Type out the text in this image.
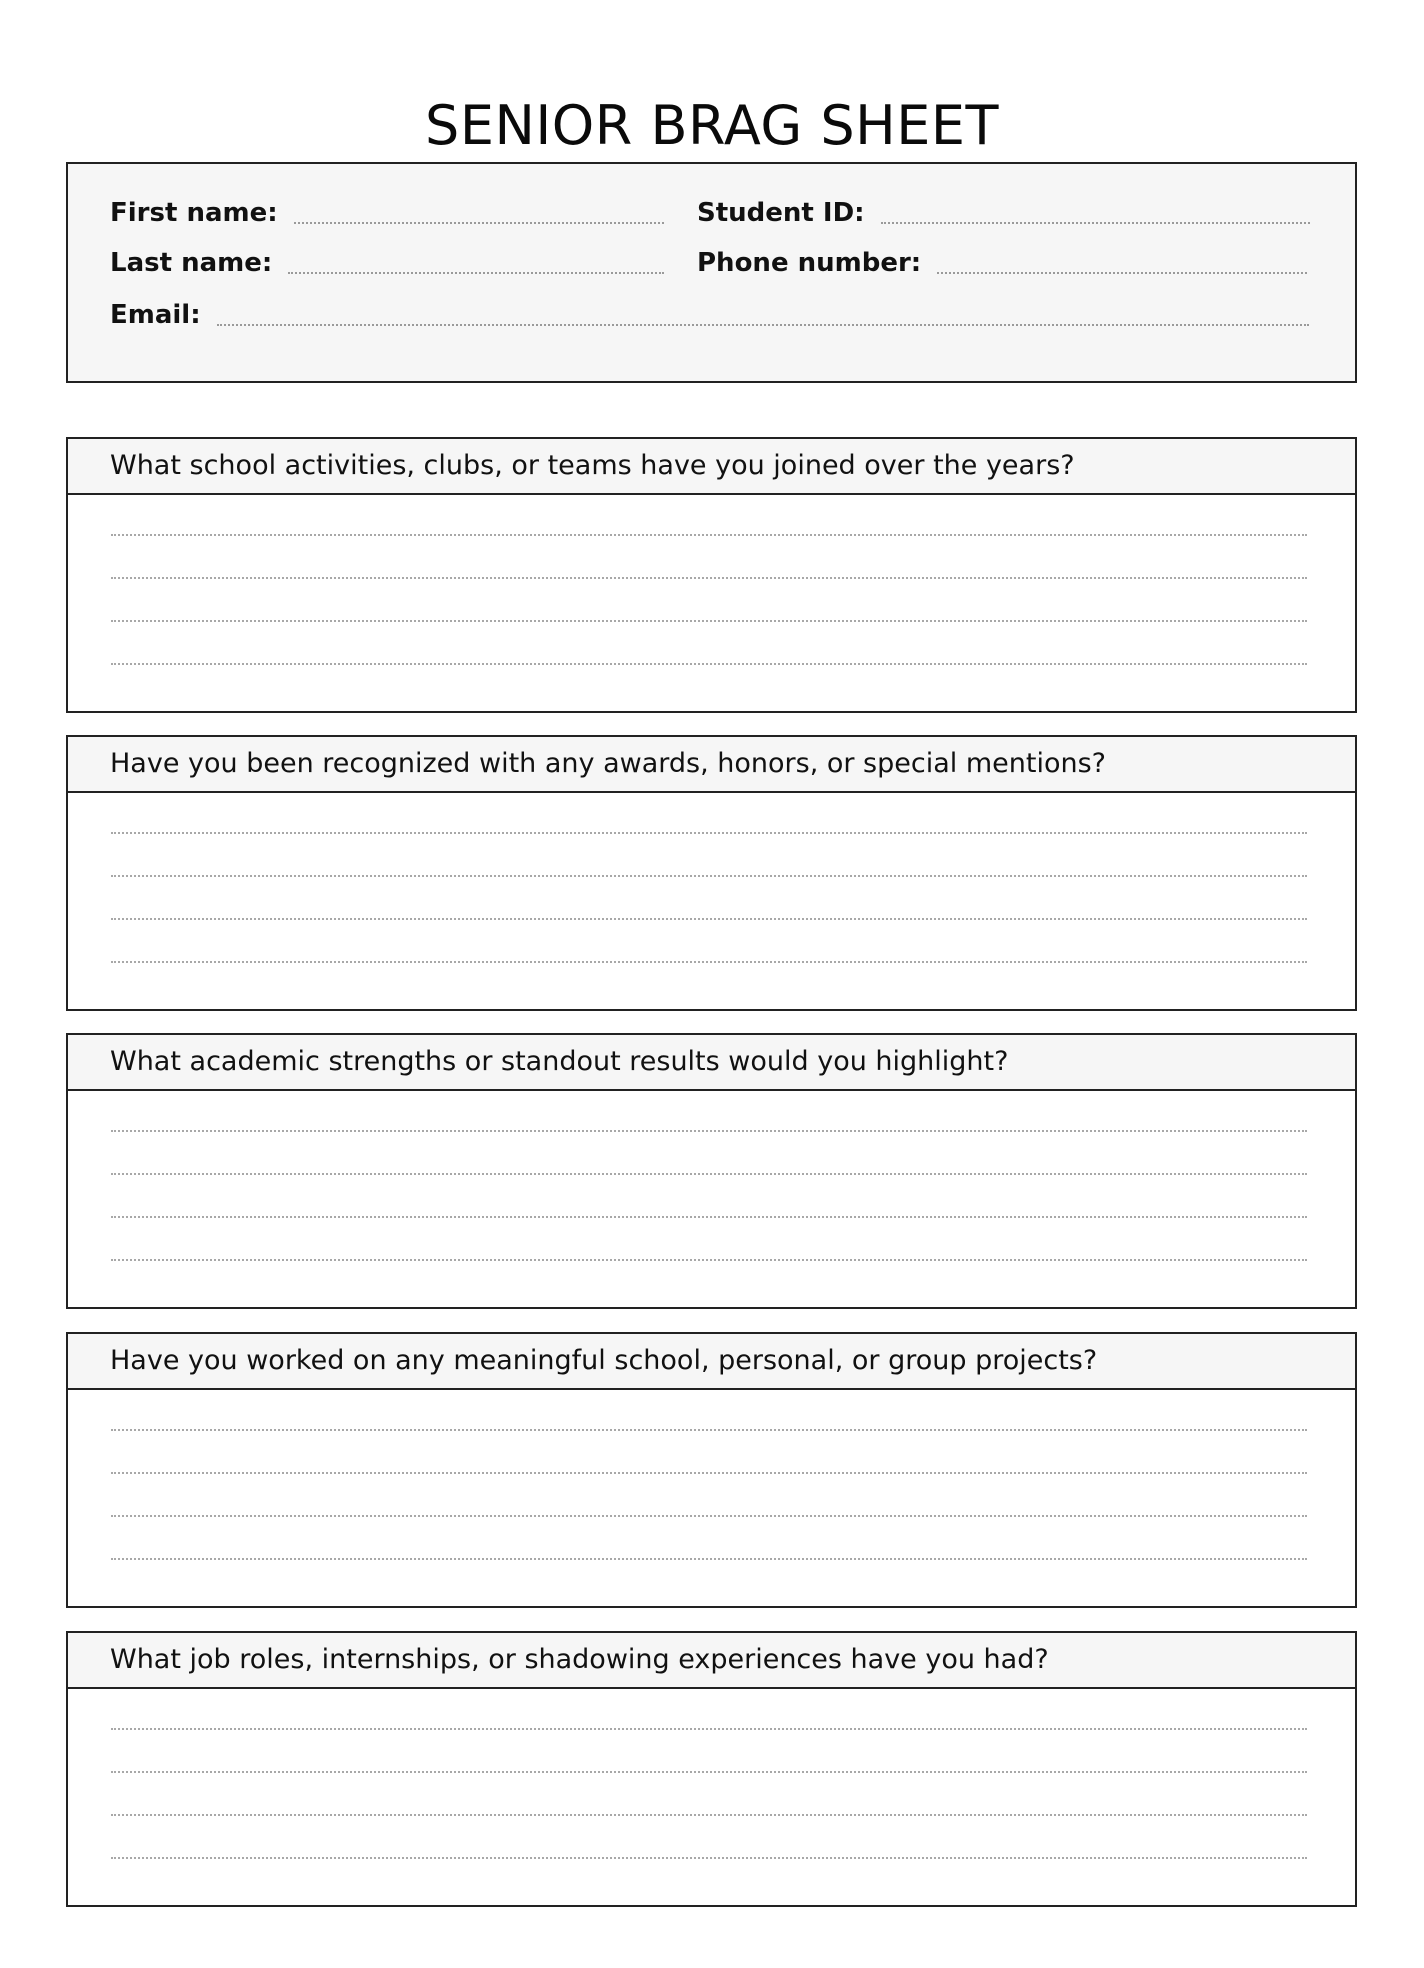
SENIOR BRAG SHEET
First name:
Last name:
Email:
Student ID:
Phone number:
What school activities, clubs, or teams have you joined over the years?
Have you been recognized with any awards, honors, or special mentions?
What academic strengths or standout results would you highlight?
Have you worked on any meaningful school, personal, or group projects?
What job roles, internships, or shadowing experiences have you had?
